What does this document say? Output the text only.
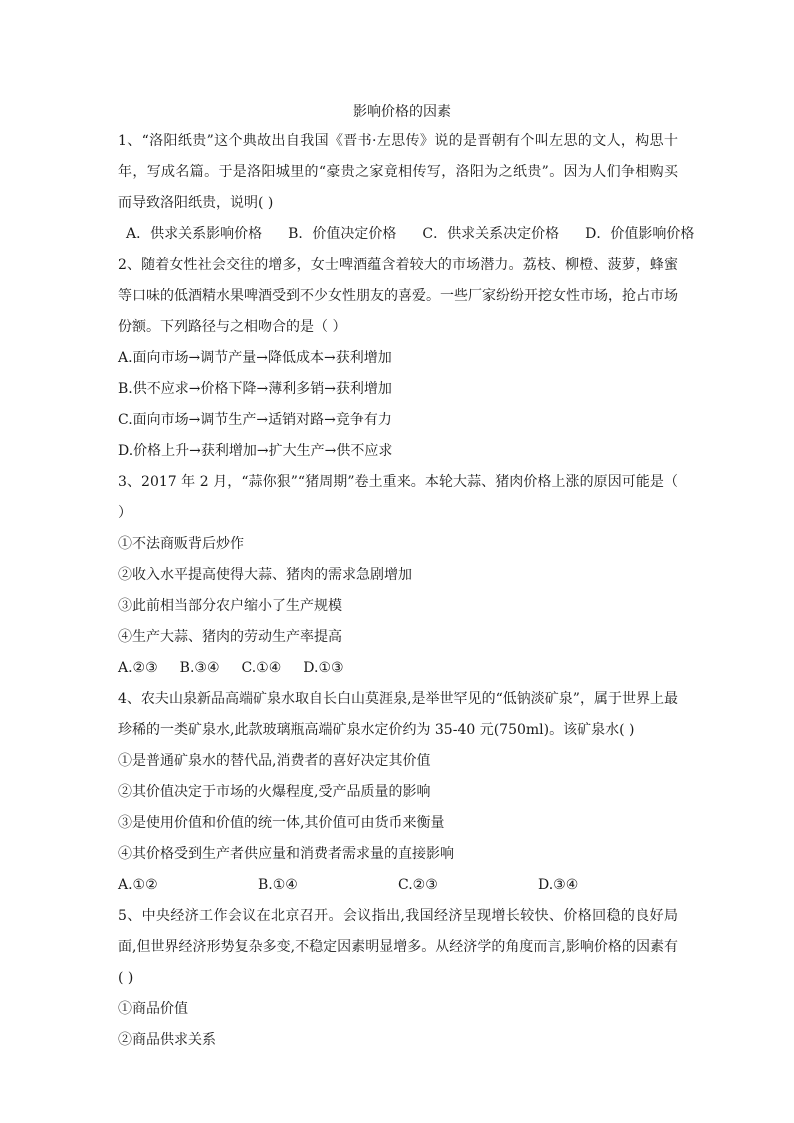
影响价格的因素

1、“洛阳纸贵”这个典故出自我国《晋书·左思传》说的是晋朝有个叫左思的文人，构思十年，写成名篇。于是洛阳城里的“豪贵之家竟相传写，洛阳为之纸贵”。因为人们争相购买而导致洛阳纸贵，说明( )

A．供求关系影响价格 B．价值决定价格 C．供求关系决定价格 D．价值影响价格

2、随着女性社会交往的增多，女士啤酒蕴含着较大的市场潜力。荔枝、柳橙、菠萝，蜂蜜等口味的低酒精水果啤酒受到不少女性朋友的喜爱。一些厂家纷纷开挖女性市场，抢占市场份额。下列路径与之相吻合的是（ ）

A.面向市场→调节产量→降低成本→获利增加

B.供不应求→价格下降→薄利多销→获利增加

C.面向市场→调节生产→适销对路→竞争有力

D.价格上升→获利增加→扩大生产→供不应求

3、2017 年 2 月，“蒜你狠”“猪周期”卷土重来。本轮大蒜、猪肉价格上涨的原因可能是（ ）

①不法商贩背后炒作

②收入水平提高使得大蒜、猪肉的需求急剧增加

③此前相当部分农户缩小了生产规模

④生产大蒜、猪肉的劳动生产率提高

A.②③ B.③④ C.①④ D.①③

4、农夫山泉新品高端矿泉水取自长白山莫涯泉,是举世罕见的“低钠淡矿泉”，属于世界上最珍稀的一类矿泉水,此款玻璃瓶高端矿泉水定价约为 35-40 元(750ml)。该矿泉水( )

①是普通矿泉水的替代品,消费者的喜好决定其价值

②其价值决定于市场的火爆程度,受产品质量的影响

③是使用价值和价值的统一体,其价值可由货币来衡量

④其价格受到生产者供应量和消费者需求量的直接影响

A.①②	B.①④	C.②③	D.③④

5、中央经济工作会议在北京召开。会议指出,我国经济呈现增长较快、价格回稳的良好局面,但世界经济形势复杂多变,不稳定因素明显增多。从经济学的角度而言,影响价格的因素有( )

①商品价值

②商品供求关系
